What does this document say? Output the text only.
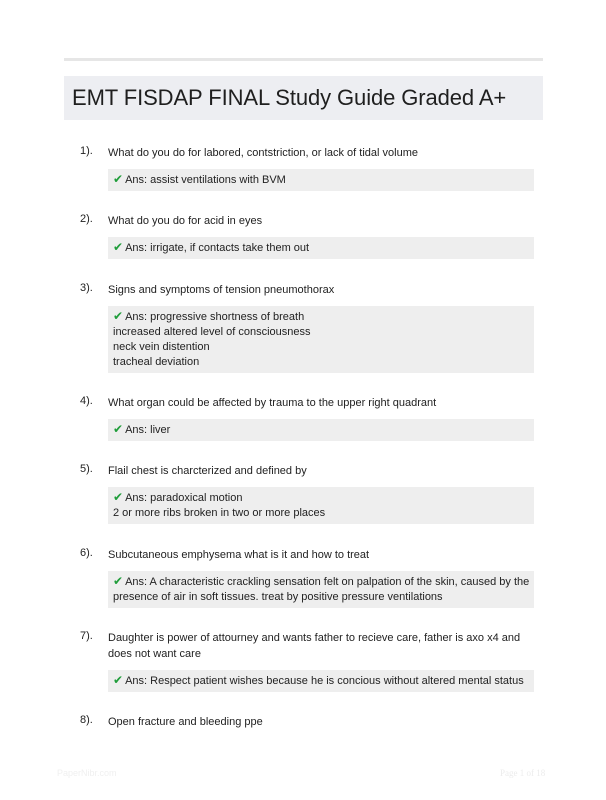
EMT FISDAP FINAL Study Guide Graded A+
1). What do you do for labored, contstriction, or lack of tidal volume
✔ Ans: assist ventilations with BVM
2). What do you do for acid in eyes
✔ Ans: irrigate, if contacts take them out
3). Signs and symptoms of tension pneumothorax
✔ Ans: progressive shortness of breath
increased altered level of consciousness
neck vein distention
tracheal deviation
4). What organ could be affected by trauma to the upper right quadrant
✔ Ans: liver
5). Flail chest is charcterized and defined by
✔ Ans: paradoxical motion
2 or more ribs broken in two or more places
6). Subcutaneous emphysema what is it and how to treat
✔ Ans: A characteristic crackling sensation felt on palpation of the skin, caused by the presence of air in soft tissues. treat by positive pressure ventilations
7). Daughter is power of attourney and wants father to recieve care, father is axo x4 and does not want care
✔ Ans: Respect patient wishes because he is concious without altered mental status
8). Open fracture and bleeding ppe
PaperNibr.com	Page 1 of 18
